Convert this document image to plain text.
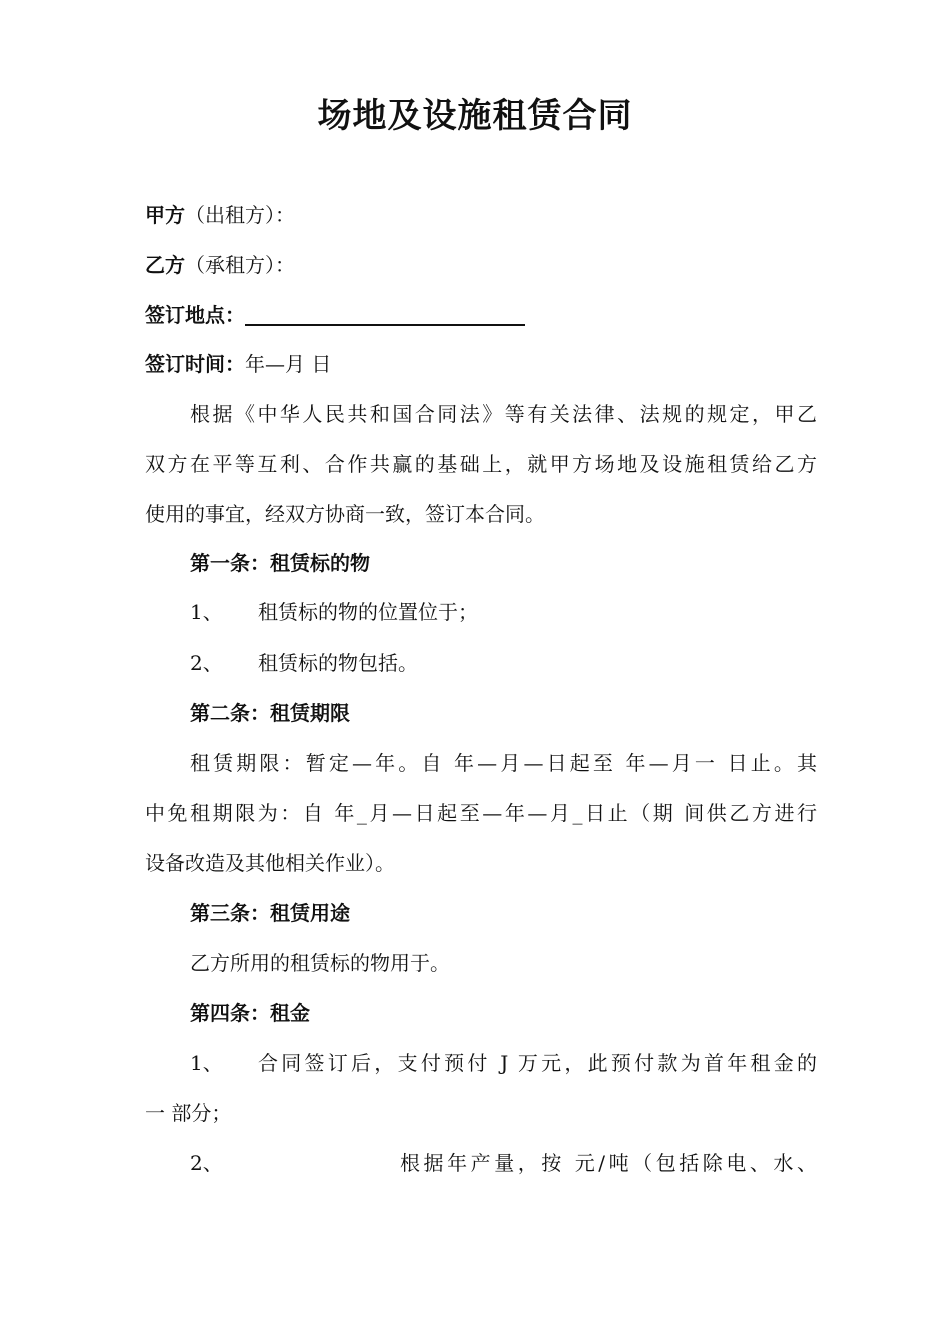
场地及设施租赁合同
甲方（出租方）：
乙方（承租方）：
签订地点：
签订时间：年—月 日
根据《中华人民共和国合同法》等有关法律、法规的规定，甲乙
双方在平等互利、合作共赢的基础上，就甲方场地及设施租赁给乙方
使用的事宜，经双方协商一致，签订本合同。
第一条：租赁标的物
1、 租赁标的物的位置位于；
2、 租赁标的物包括。
第二条：租赁期限
租赁期限：暂定—年。自 年—月—日起至 年—月一 日止。其
中免租期限为：自 年_月—日起至—年—月_日止（期 间供乙方进行
设备改造及其他相关作业）。
第三条：租赁用途
乙方所用的租赁标的物用于。
第四条：租金
1、 合同签订后，支付预付 J 万元，此预付款为首年租金的
一 部分；
2、	根据年产量，按 元/吨（包括除电、水、
